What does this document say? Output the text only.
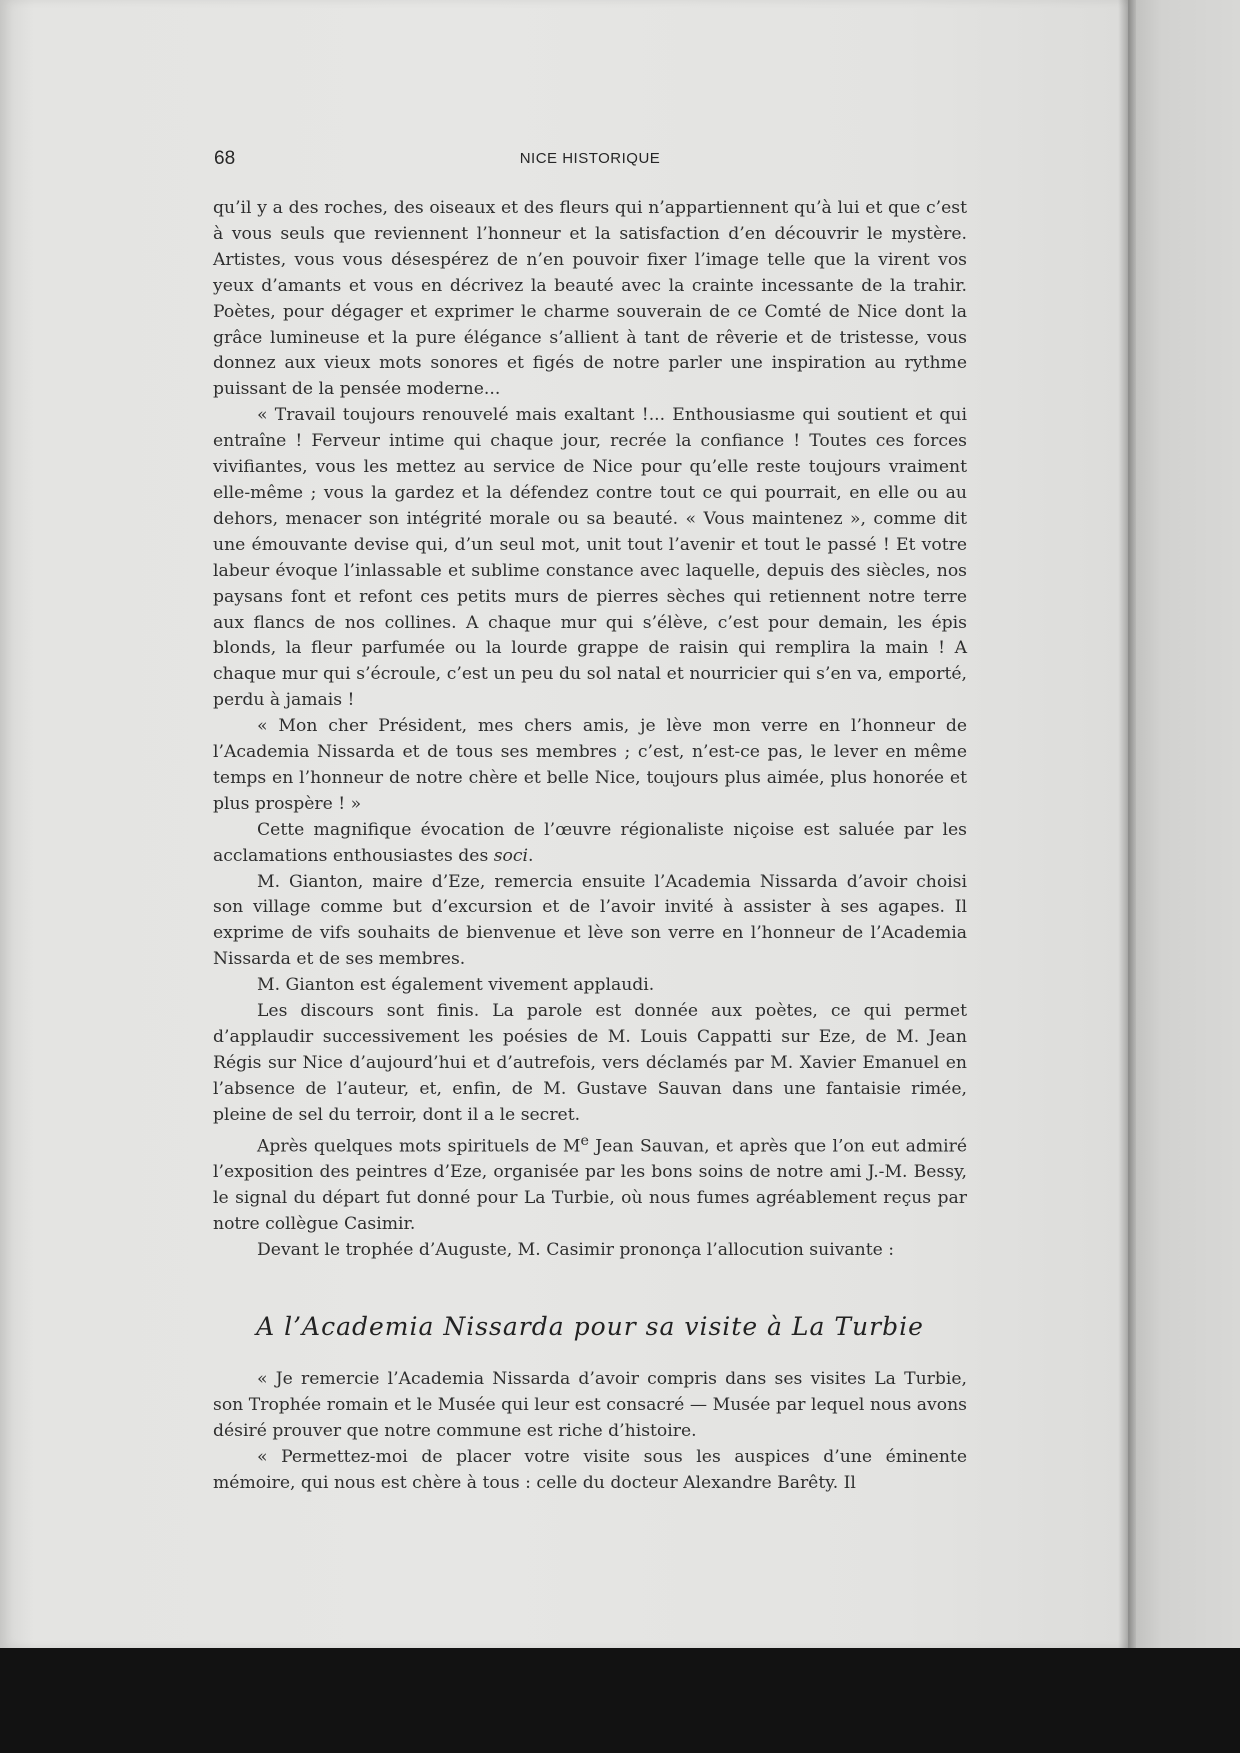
68	NICE HISTORIQUE

qu’il y a des roches, des oiseaux et des fleurs qui n’appartiennent qu’à lui et que c’est à vous seuls que reviennent l’honneur et la satisfaction d’en découvrir le mystère. Artistes, vous vous désespérez de n’en pouvoir fixer l’image telle que la virent vos yeux d’amants et vous en décrivez la beauté avec la crainte incessante de la trahir. Poètes, pour dégager et exprimer le charme souverain de ce Comté de Nice dont la grâce lumineuse et la pure élégance s’allient à tant de rêverie et de tristesse, vous donnez aux vieux mots sonores et figés de notre parler une inspiration au rythme puissant de la pensée moderne...

« Travail toujours renouvelé mais exaltant !... Enthousiasme qui soutient et qui entraîne ! Ferveur intime qui chaque jour, recrée la confiance ! Toutes ces forces vivifiantes, vous les mettez au service de Nice pour qu’elle reste toujours vraiment elle-même ; vous la gardez et la défendez contre tout ce qui pourrait, en elle ou au dehors, menacer son intégrité morale ou sa beauté. « Vous maintenez », comme dit une émouvante devise qui, d’un seul mot, unit tout l’avenir et tout le passé ! Et votre labeur évoque l’inlassable et sublime constance avec laquelle, depuis des siècles, nos paysans font et refont ces petits murs de pierres sèches qui retiennent notre terre aux flancs de nos collines. A chaque mur qui s’élève, c’est pour demain, les épis blonds, la fleur parfumée ou la lourde grappe de raisin qui remplira la main ! A chaque mur qui s’écroule, c’est un peu du sol natal et nourricier qui s’en va, emporté, perdu à jamais !

« Mon cher Président, mes chers amis, je lève mon verre en l’honneur de l’Academia Nissarda et de tous ses membres ; c’est, n’est-ce pas, le lever en même temps en l’honneur de notre chère et belle Nice, toujours plus aimée, plus honorée et plus prospère ! »

Cette magnifique évocation de l’œuvre régionaliste niçoise est saluée par les acclamations enthousiastes des soci.

M. Gianton, maire d’Eze, remercia ensuite l’Academia Nissarda d’avoir choisi son village comme but d’excursion et de l’avoir invité à assister à ses agapes. Il exprime de vifs souhaits de bienvenue et lève son verre en l’honneur de l’Academia Nissarda et de ses membres.

M. Gianton est également vivement applaudi.

Les discours sont finis. La parole est donnée aux poètes, ce qui permet d’applaudir successivement les poésies de M. Louis Cappatti sur Eze, de M. Jean Régis sur Nice d’aujourd’hui et d’autrefois, vers déclamés par M. Xavier Emanuel en l’absence de l’auteur, et, enfin, de M. Gustave Sauvan dans une fantaisie rimée, pleine de sel du terroir, dont il a le secret.

Après quelques mots spirituels de Me Jean Sauvan, et après que l’on eut admiré l’exposition des peintres d’Eze, organisée par les bons soins de notre ami J.-M. Bessy, le signal du départ fut donné pour La Turbie, où nous fumes agréablement reçus par notre collègue Casimir.

Devant le trophée d’Auguste, M. Casimir prononça l’allocution suivante :

A l’Academia Nissarda pour sa visite à La Turbie

« Je remercie l’Academia Nissarda d’avoir compris dans ses visites La Turbie, son Trophée romain et le Musée qui leur est consacré — Musée par lequel nous avons désiré prouver que notre commune est riche d’histoire.

« Permettez-moi de placer votre visite sous les auspices d’une éminente mémoire, qui nous est chère à tous : celle du docteur Alexandre Barêty. Il
